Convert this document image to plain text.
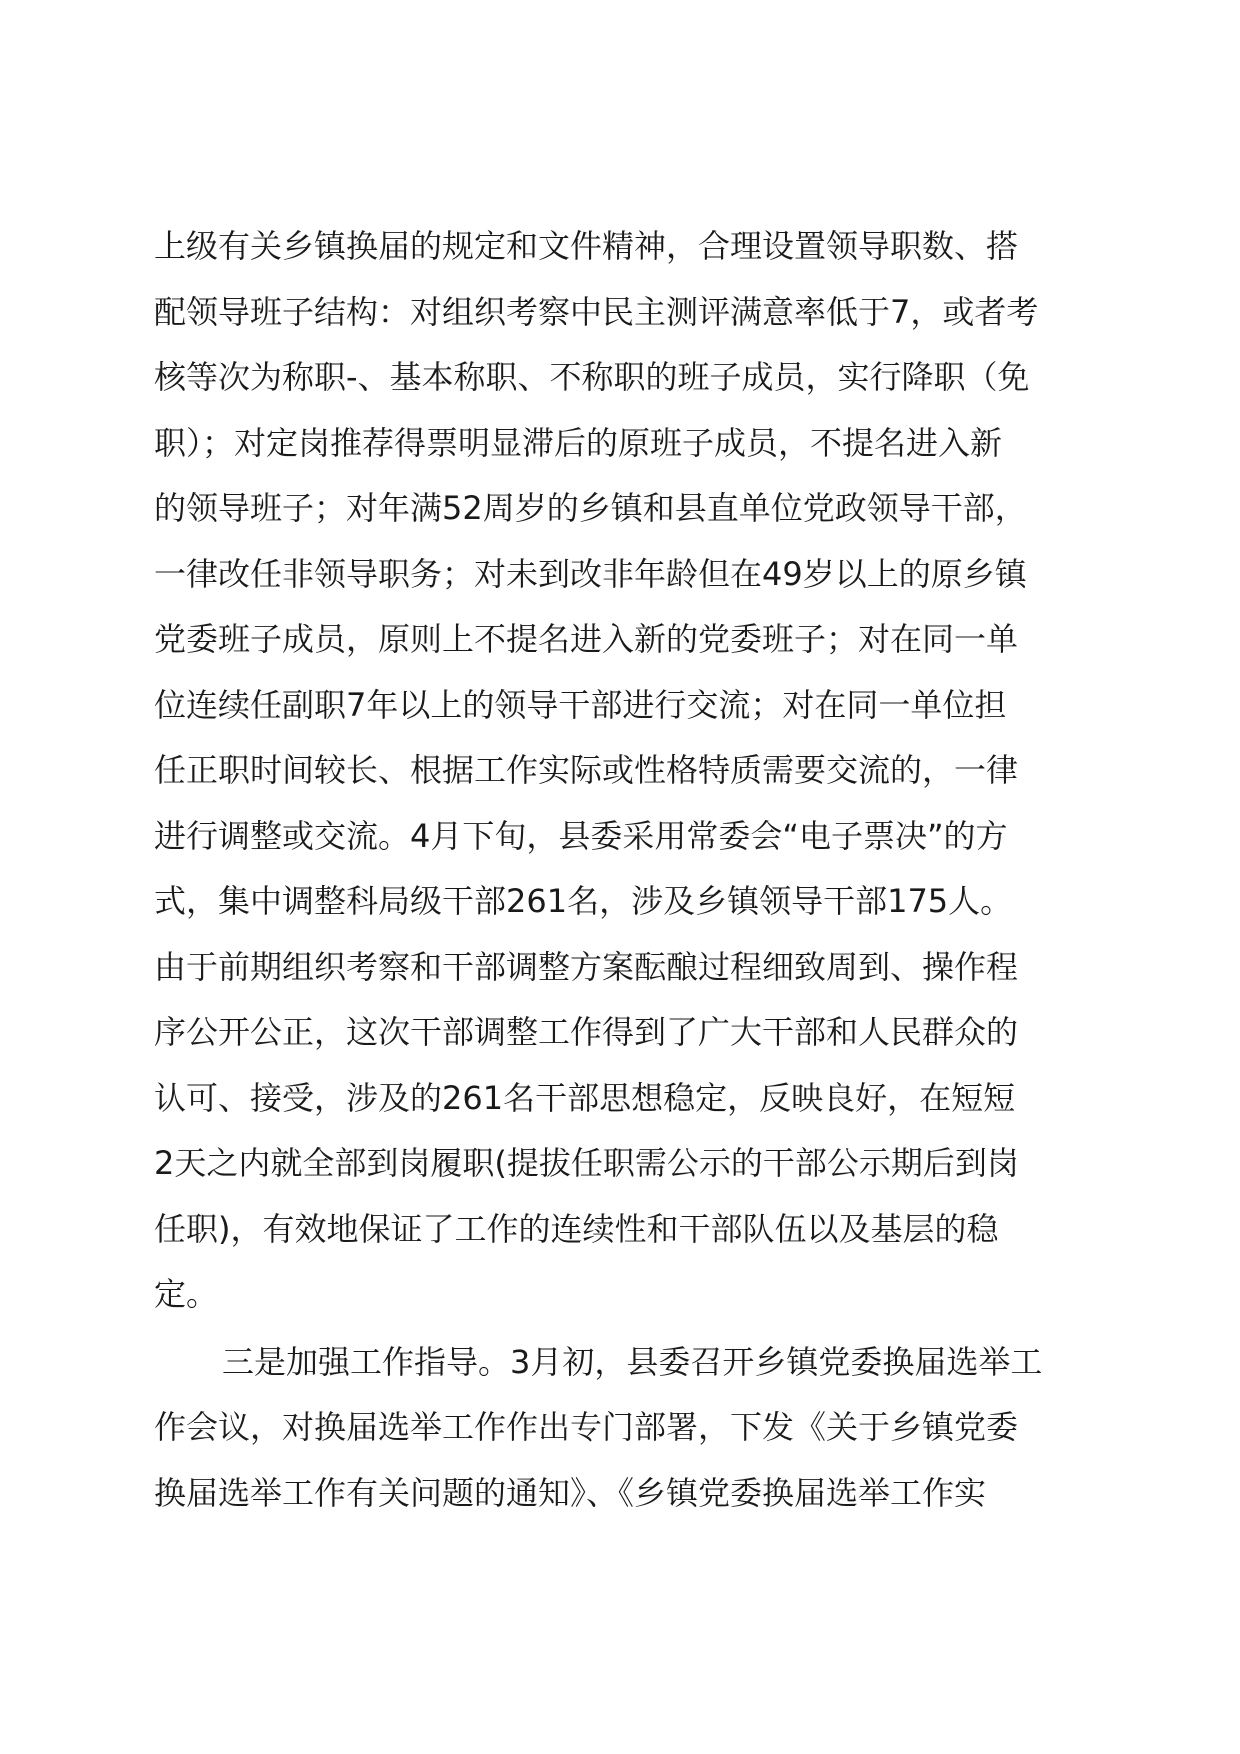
上级有关乡镇换届的规定和文件精神，合理设置领导职数、搭
配领导班子结构：对组织考察中民主测评满意率低于7，或者考
核等次为称职-、基本称职、不称职的班子成员，实行降职（免
职）；对定岗推荐得票明显滞后的原班子成员，不提名进入新
的领导班子；对年满52周岁的乡镇和县直单位党政领导干部，
一律改任非领导职务；对未到改非年龄但在49岁以上的原乡镇
党委班子成员，原则上不提名进入新的党委班子；对在同一单
位连续任副职7年以上的领导干部进行交流；对在同一单位担
任正职时间较长、根据工作实际或性格特质需要交流的，一律
进行调整或交流。4月下旬，县委采用常委会“电子票决”的方
式，集中调整科局级干部261名，涉及乡镇领导干部175人。
由于前期组织考察和干部调整方案酝酿过程细致周到、操作程
序公开公正，这次干部调整工作得到了广大干部和人民群众的
认可、接受，涉及的261名干部思想稳定，反映良好，在短短
2天之内就全部到岗履职(提拔任职需公示的干部公示期后到岗
任职)，有效地保证了工作的连续性和干部队伍以及基层的稳
定。
三是加强工作指导。3月初，县委召开乡镇党委换届选举工
作会议，对换届选举工作作出专门部署，下发《关于乡镇党委
换届选举工作有关问题的通知》、《乡镇党委换届选举工作实
